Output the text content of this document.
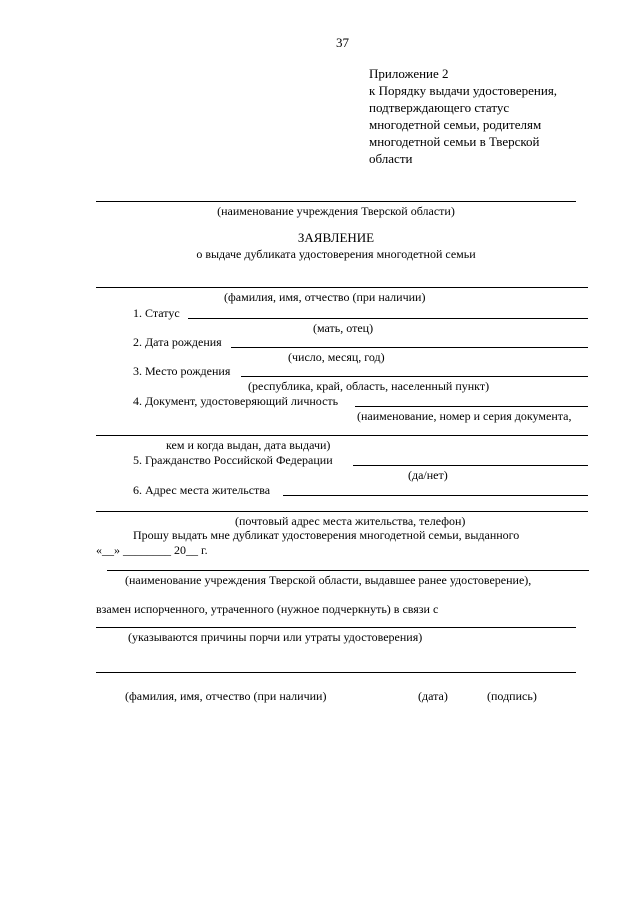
37
Приложение 2
к Порядку выдачи удостоверения,
подтверждающего статус
многодетной семьи, родителям
многодетной семьи в Тверской
области
(наименование учреждения Тверской области)
ЗАЯВЛЕНИЕ
о выдаче дубликата удостоверения многодетной семьи
(фамилия, имя, отчество (при наличии)
1. Статус
(мать, отец)
2. Дата рождения
(число, месяц, год)
3. Место рождения
(республика, край, область, населенный пункт)
4. Документ, удостоверяющий личность
(наименование, номер и серия документа,
кем и когда выдан, дата выдачи)
5. Гражданство Российской Федерации
(да/нет)
6. Адрес места жительства
(почтовый адрес места жительства, телефон)
Прошу выдать мне дубликат удостоверения многодетной семьи, выданного
«__» ________ 20__ г.
(наименование учреждения Тверской области, выдавшее ранее удостоверение),
взамен испорченного, утраченного (нужное подчеркнуть) в связи с
(указываются причины порчи или утраты удостоверения)
(фамилия, имя, отчество (при наличии)	(дата)	(подпись)
